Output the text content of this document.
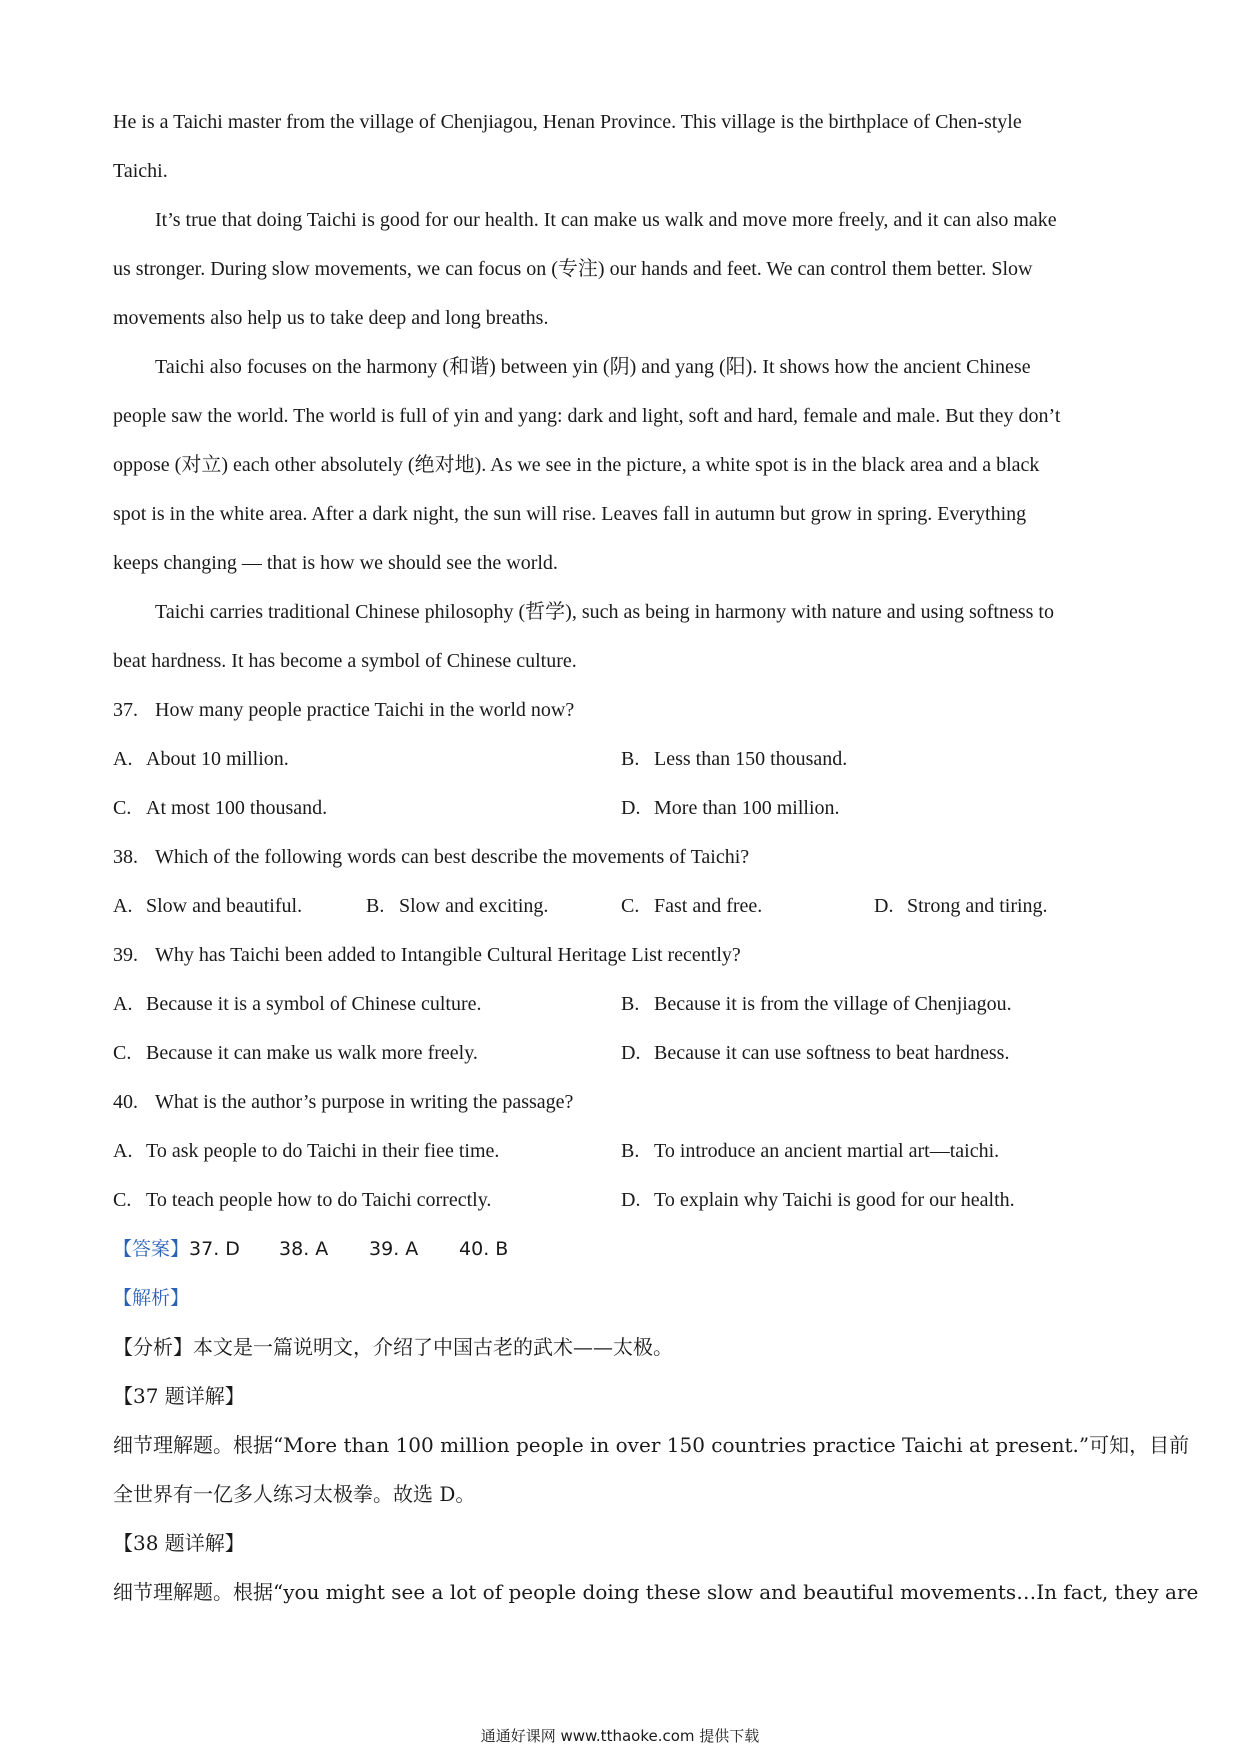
He is a Taichi master from the village of Chenjiagou, Henan Province. This village is the birthplace of Chen-style
Taichi.
It’s true that doing Taichi is good for our health. It can make us walk and move more freely, and it can also make
us stronger. During slow movements, we can focus on (专注) our hands and feet. We can control them better. Slow
movements also help us to take deep and long breaths.
Taichi also focuses on the harmony (和谐) between yin (阴) and yang (阳). It shows how the ancient Chinese
people saw the world. The world is full of yin and yang: dark and light, soft and hard, female and male. But they don’t
oppose (对立) each other absolutely (绝对地). As we see in the picture, a white spot is in the black area and a black
spot is in the white area. After a dark night, the sun will rise. Leaves fall in autumn but grow in spring. Everything
keeps changing — that is how we should see the world.
Taichi carries traditional Chinese philosophy (哲学), such as being in harmony with nature and using softness to
beat hardness. It has become a symbol of Chinese culture.
37. How many people practice Taichi in the world now?
A. About 10 million.	B. Less than 150 thousand.
C. At most 100 thousand.	D. More than 100 million.
38. Which of the following words can best describe the movements of Taichi?
A. Slow and beautiful.	B. Slow and exciting.	C. Fast and free.	D. Strong and tiring.
39. Why has Taichi been added to Intangible Cultural Heritage List recently?
A. Because it is a symbol of Chinese culture.	B. Because it is from the village of Chenjiagou.
C. Because it can make us walk more freely.	D. Because it can use softness to beat hardness.
40. What is the author’s purpose in writing the passage?
A. To ask people to do Taichi in their fiee time.	B. To introduce an ancient martial art—taichi.
C. To teach people how to do Taichi correctly.	D. To explain why Taichi is good for our health.
【答案】37. D 38. A 39. A 40. B
【解析】
【分析】本文是一篇说明文，介绍了中国古老的武术——太极。
【37 题详解】
细节理解题。根据“More than 100 million people in over 150 countries practice Taichi at present.”可知，目前
全世界有一亿多人练习太极拳。故选 D。
【38 题详解】
细节理解题。根据“you might see a lot of people doing these slow and beautiful movements…In fact, they are
通通好课网 www.tthaoke.com 提供下载
